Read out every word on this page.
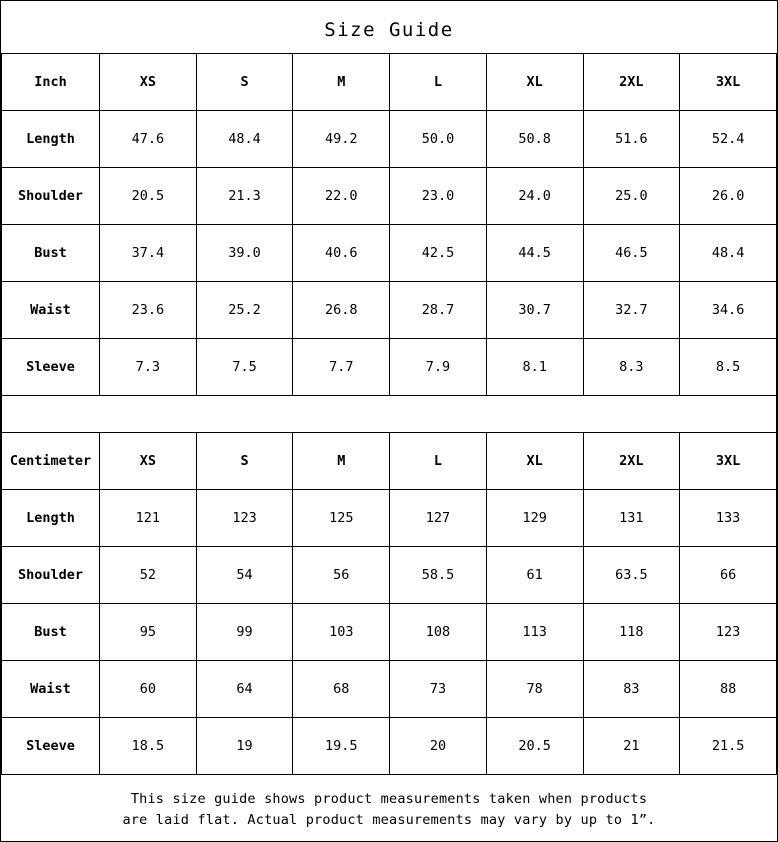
Size Guide
Inch	XS	S	M	L	XL	2XL	3XL
Length	47.6	48.4	49.2	50.0	50.8	51.6	52.4
Shoulder	20.5	21.3	22.0	23.0	24.0	25.0	26.0
Bust	37.4	39.0	40.6	42.5	44.5	46.5	48.4
Waist	23.6	25.2	26.8	28.7	30.7	32.7	34.6
Sleeve	7.3	7.5	7.7	7.9	8.1	8.3	8.5
Centimeter	XS	S	M	L	XL	2XL	3XL
Length	121	123	125	127	129	131	133
Shoulder	52	54	56	58.5	61	63.5	66
Bust	95	99	103	108	113	118	123
Waist	60	64	68	73	78	83	88
Sleeve	18.5	19	19.5	20	20.5	21	21.5
This size guide shows product measurements taken when products
are laid flat. Actual product measurements may vary by up to 1”.
